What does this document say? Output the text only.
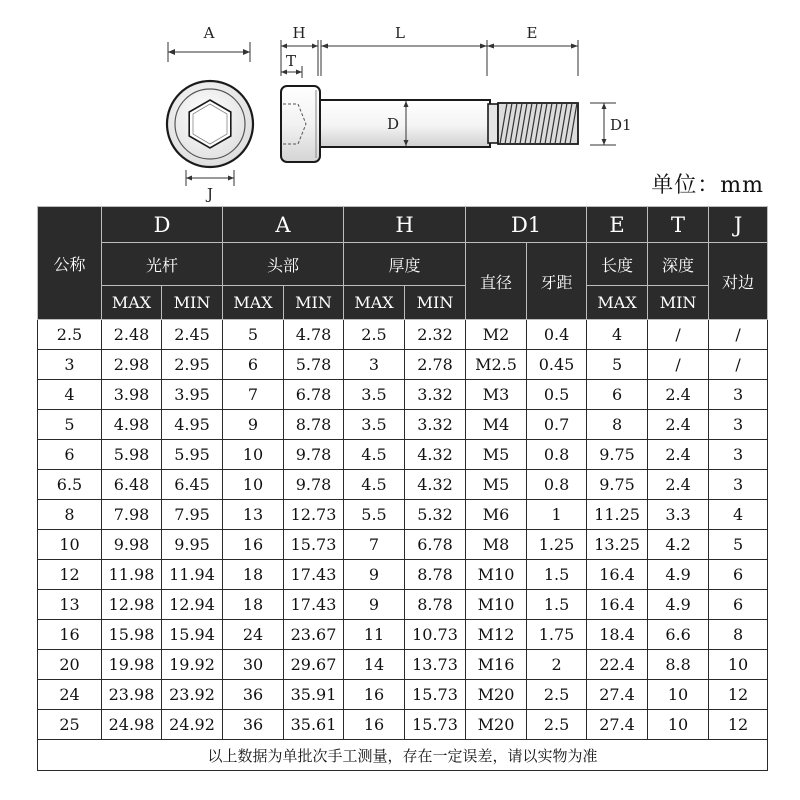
A
J
H
T
L	E
D	D1
单位：mm
公称	D		A		H		D1		E	T	J
	光杆		头部		厚度		直径	牙距	长度	深度	对边
	MAX	MIN	MAX	MIN	MAX	MIN			MAX	MIN	
2.5	2.48	2.45	5	4.78	2.5	2.32	M2	0.4	4	/	/
3	2.98	2.95	6	5.78	3	2.78	M2.5	0.45	5	/	/
4	3.98	3.95	7	6.78	3.5	3.32	M3	0.5	6	2.4	3
5	4.98	4.95	9	8.78	3.5	3.32	M4	0.7	8	2.4	3
6	5.98	5.95	10	9.78	4.5	4.32	M5	0.8	9.75	2.4	3
6.5	6.48	6.45	10	9.78	4.5	4.32	M5	0.8	9.75	2.4	3
8	7.98	7.95	13	12.73	5.5	5.32	M6	1	11.25	3.3	4
10	9.98	9.95	16	15.73	7	6.78	M8	1.25	13.25	4.2	5
12	11.98	11.94	18	17.43	9	8.78	M10	1.5	16.4	4.9	6
13	12.98	12.94	18	17.43	9	8.78	M10	1.5	16.4	4.9	6
16	15.98	15.94	24	23.67	11	10.73	M12	1.75	18.4	6.6	8
20	19.98	19.92	30	29.67	14	13.73	M16	2	22.4	8.8	10
24	23.98	23.92	36	35.91	16	15.73	M20	2.5	27.4	10	12
25	24.98	24.92	36	35.61	16	15.73	M20	2.5	27.4	10	12
以上数据为单批次手工测量，存在一定误差，请以实物为准											
